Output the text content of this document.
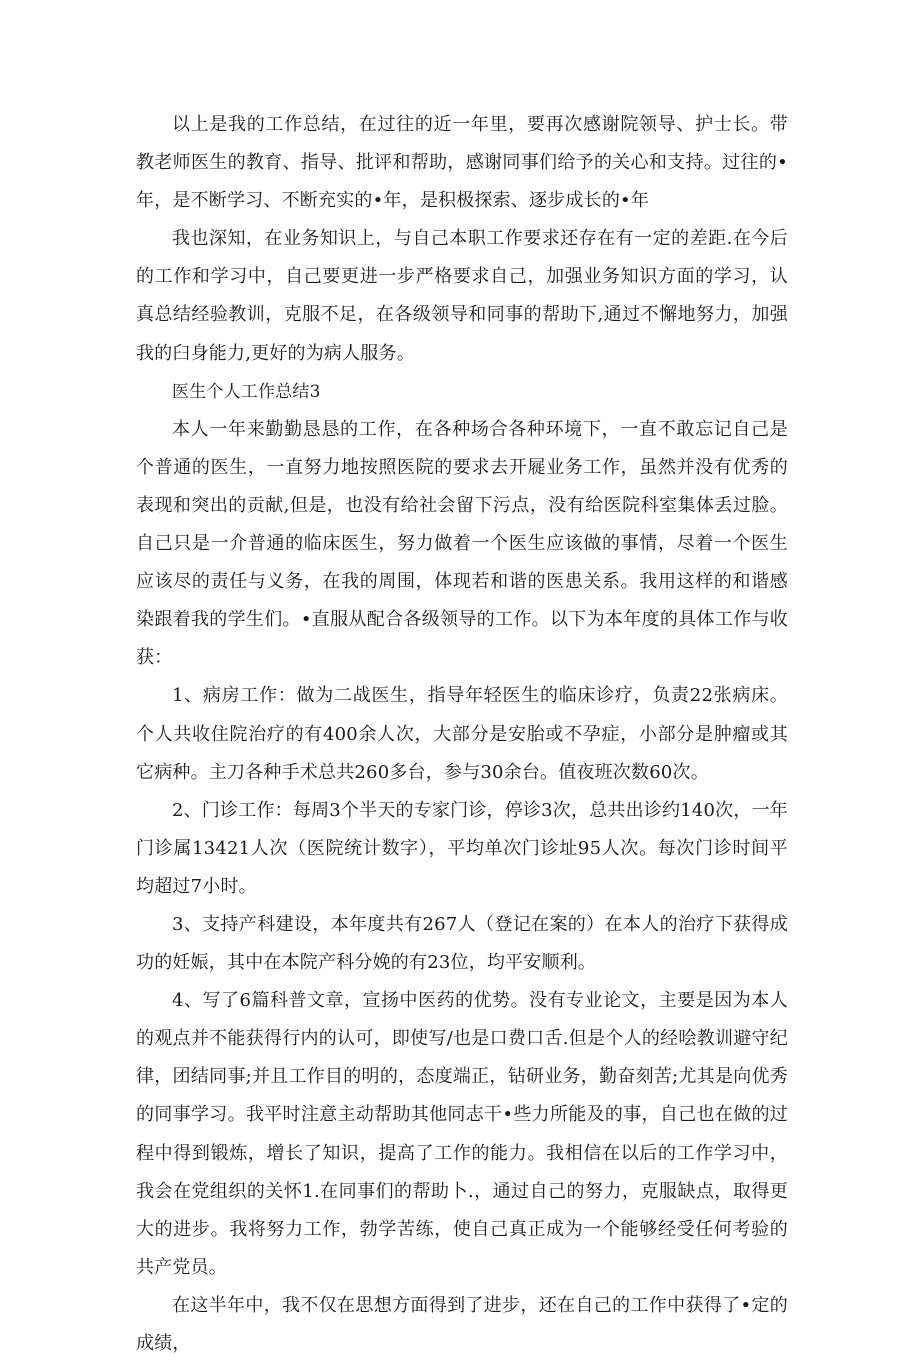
以上是我的工作总结，在过往的近一年里，要再次感谢院领导、护士长。带教老师医生的教育、指导、批评和帮助，感谢同事们给予的关心和支持。过往的•年，是不断学习、不断充实的•年，是积极探索、逐步成长的•年

我也深知，在业务知识上，与自己本职工作要求还存在有一定的差距.在今后的工作和学习中，自己要更进一步严格要求自己，加强业务知识方面的学习，认真总结经验教训，克服不足，在各级领导和同事的帮助下,通过不懈地努力，加强我的臼身能力,更好的为病人服务。

医生个人工作总结3

本人一年来勤勤恳恳的工作，在各种场合各种环境下，一直不敢忘记自己是个普通的医生，一直努力地按照医院的要求去开屣业务工作，虽然并没有优秀的表现和突出的贡献,但是，也没有给社会留下污点，没有给医院科室集体丢过脸。自己只是一介普通的临床医生，努力做着一个医生应该做的事情，尽着一个医生应该尽的责任与义务，在我的周围，体现若和谐的医患关系。我用这样的和谐感染跟着我的学生们。•直服从配合各级领导的工作。以下为本年度的具体工作与收获：

1、病房工作：做为二战医生，指导年轻医生的临床诊疗，负责22张病床。个人共收住院治疗的有400余人次，大部分是安胎或不孕症，小部分是肿瘤或其它病种。主刀各种手术总共260多台，参与30余台。值夜班次数60次。

2、门诊工作：每周3个半天的专家门诊，停诊3次，总共出诊约140次，一年门诊属13421人次（医院统计数字），平均单次门诊址95人次。每次门诊时间平均超过7小时。

3、支持产科建设，本年度共有267人（登记在案的）在本人的治疗下获得成功的妊娠，其中在本院产科分娩的有23位，均平安顺利。

4、写了6篇科普文章，宣扬中医药的优势。没有专业论文，主要是因为本人的观点并不能获得行内的认可，即使写/也是口费口舌.但是个人的经哙教训避守纪律，团结同事;并且工作目的明的，态度端正，钻研业务，勤奋刻苦;尤其是向优秀的同事学习。我平时注意主动帮助其他同志干•些力所能及的事，自己也在做的过程中得到锻炼，增长了知识，提高了工作的能力。我相信在以后的工作学习中，我会在党组织的关怀1.在同事们的帮助卜.，通过自己的努力，克服缺点，取得更大的进步。我将努力工作，勃学苦练，使自己真正成为一个能够经受任何考验的共产党员。

在这半年中，我不仅在思想方面得到了进步，还在自己的工作中获得了•定的成绩，
